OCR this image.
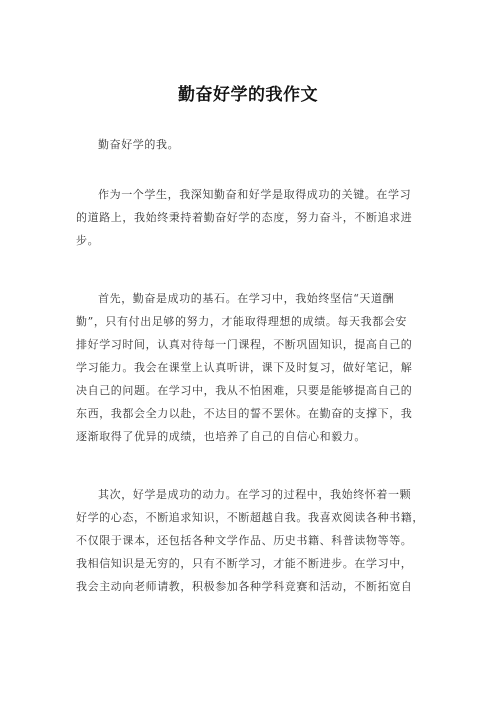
勤奋好学的我作文
勤奋好学的我。
作为一个学生，我深知勤奋和好学是取得成功的关键。在学习
的道路上，我始终秉持着勤奋好学的态度，努力奋斗，不断追求进
步。
首先，勤奋是成功的基石。在学习中，我始终坚信“天道酬
勤”，只有付出足够的努力，才能取得理想的成绩。每天我都会安
排好学习时间，认真对待每一门课程，不断巩固知识，提高自己的
学习能力。我会在课堂上认真听讲，课下及时复习，做好笔记，解
决自己的问题。在学习中，我从不怕困难，只要是能够提高自己的
东西，我都会全力以赴，不达目的誓不罢休。在勤奋的支撑下，我
逐渐取得了优异的成绩，也培养了自己的自信心和毅力。
其次，好学是成功的动力。在学习的过程中，我始终怀着一颗
好学的心态，不断追求知识，不断超越自我。我喜欢阅读各种书籍，
不仅限于课本，还包括各种文学作品、历史书籍、科普读物等等。
我相信知识是无穷的，只有不断学习，才能不断进步。在学习中，
我会主动向老师请教，积极参加各种学科竞赛和活动，不断拓宽自
